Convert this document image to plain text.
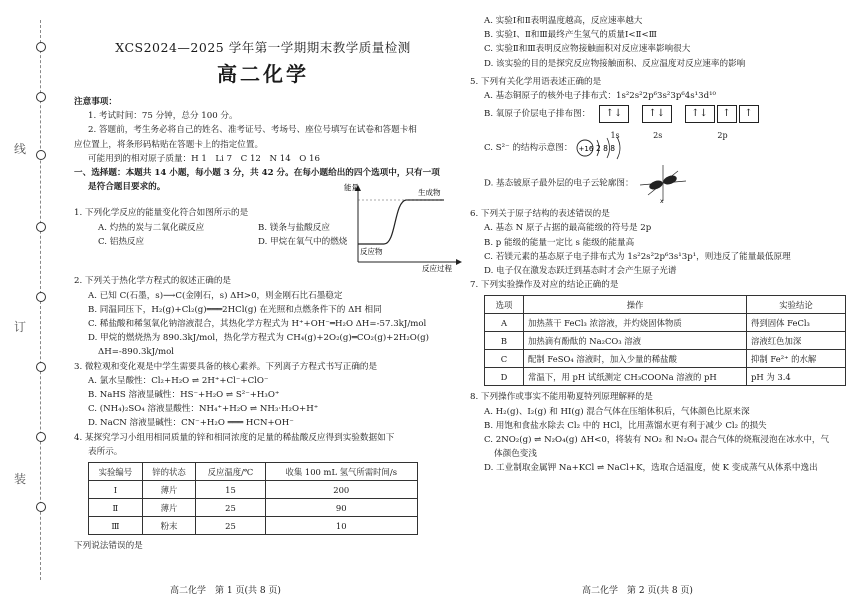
线
订
装
XCS2024—2025 学年第一学期期末教学质量检测
高二化学
注意事项：
1. 考试时间：75 分钟，总分 100 分。
2. 答题前，考生务必将自己的姓名、准考证号、考场号、座位号填写在试卷和答题卡相
应位置上，将条形码粘贴在答题卡上的指定位置。
可能用到的相对原子质量：H 1　Li 7　C 12　N 14　O 16
一、选择题：本题共 14 小题，每小题 3 分，共 42 分。在每小题给出的四个选项中，只有一项
是符合题目要求的。
1. 下列化学反应的能量变化符合如图所示的是
A. 灼热的炭与二氧化碳反应	B. 镁条与盐酸反应
C. 铝热反应	D. 甲烷在氧气中的燃烧
能量
生成物
反应物
反应过程
2. 下列关于热化学方程式的叙述正确的是
A. 已知 C(石墨，s)⟶C(金刚石，s) ΔH>0，则金刚石比石墨稳定
B. 同温同压下，H₂(g)+Cl₂(g)═══2HCl(g) 在光照和点燃条件下的 ΔH 相同
C. 稀盐酸和稀氢氧化钠溶液混合，其热化学方程式为 H⁺+OH⁻═H₂O ΔH=-57.3kJ/mol
D. 甲烷的燃烧热为 890.3kJ/mol，热化学方程式为 CH₄(g)+2O₂(g)═CO₂(g)+2H₂O(g)
ΔH=-890.3kJ/mol
3. 微粒观和变化观是中学生需要具备的核心素养。下列离子方程式书写正确的是
A. 氯水呈酸性：Cl₂+H₂O ⇌ 2H⁺+Cl⁻+ClO⁻
B. NaHS 溶液显碱性：HS⁻+H₂O ⇌ S²⁻+H₃O⁺
C. (NH₄)₂SO₄ 溶液显酸性：NH₄⁺+H₂O ⇌ NH₃·H₂O+H⁺
D. NaCN 溶液显碱性：CN⁻+H₂O ═══ HCN+OH⁻
4. 某探究学习小组用相同质量的锌和相同浓度的足量的稀盐酸反应得到实验数据如下
表所示。
实验编号	锌的状态	反应温度/℃	收集 100 mL 氢气所需时间/s
Ⅰ	薄片	15	200
Ⅱ	薄片	25	90
Ⅲ	粉末	25	10
下列说法错误的是
高二化学　第 1 页(共 8 页)
A. 实验Ⅰ和Ⅱ表明温度越高，反应速率越大
B. 实验Ⅰ、Ⅱ和Ⅲ最终产生氢气的质量Ⅰ<Ⅱ<Ⅲ
C. 实验Ⅱ和Ⅲ表明反应物接触面积对反应速率影响很大
D. 该实验的目的是探究反应物接触面积、反应温度对反应速率的影响
5. 下列有关化学用语表述正确的是
A. 基态铜原子的核外电子排布式：1s²2s²2p⁶3s²3p⁶4s¹3d¹⁰
B. 氧原子价层电子排布图： ↑↓
1s ↑↓
2s ↑↓ ↑ ↑
2p
C. S²⁻ 的结构示意图： +16 2 8 8
D. 基态铍原子最外层的电子云轮廓图：
x
6. 下列关于原子结构的表述错误的是
A. 基态 N 原子占据的最高能级的符号是 2p
B. p 能级的能量一定比 s 能级的能量高
C. 若镁元素的基态原子电子排布式为 1s²2s²2p⁶3s¹3p¹，则违反了能量最低原理
D. 电子仅在激发态跃迁到基态时才会产生原子光谱
7. 下列实验操作及对应的结论正确的是
选项	操作	实验结论
A	加热蒸干 FeCl₃ 浓溶液，并灼烧固体物质	得到固体 FeCl₃
B	加热滴有酚酞的 Na₂CO₃ 溶液	溶液红色加深
C	配制 FeSO₄ 溶液时，加入少量的稀盐酸	抑制 Fe²⁺ 的水解
D	常温下，用 pH 试纸测定 CH₃COONa 溶液的 pH	pH 为 3.4
8. 下列操作或事实不能用勒夏特列原理解释的是
A. H₂(g)、I₂(g) 和 HI(g) 混合气体在压缩体积后，气体颜色比原来深
B. 用饱和食盐水除去 Cl₂ 中的 HCl，比用蒸馏水更有利于减少 Cl₂ 的损失
C. 2NO₂(g) ⇌ N₂O₄(g) ΔH<0，将装有 NO₂ 和 N₂O₄ 混合气体的烧瓶浸泡在冰水中，气
体颜色变浅
D. 工业制取金属钾 Na+KCl ⇌ NaCl+K，选取合适温度，使 K 变成蒸气从体系中逸出
高二化学　第 2 页(共 8 页)
